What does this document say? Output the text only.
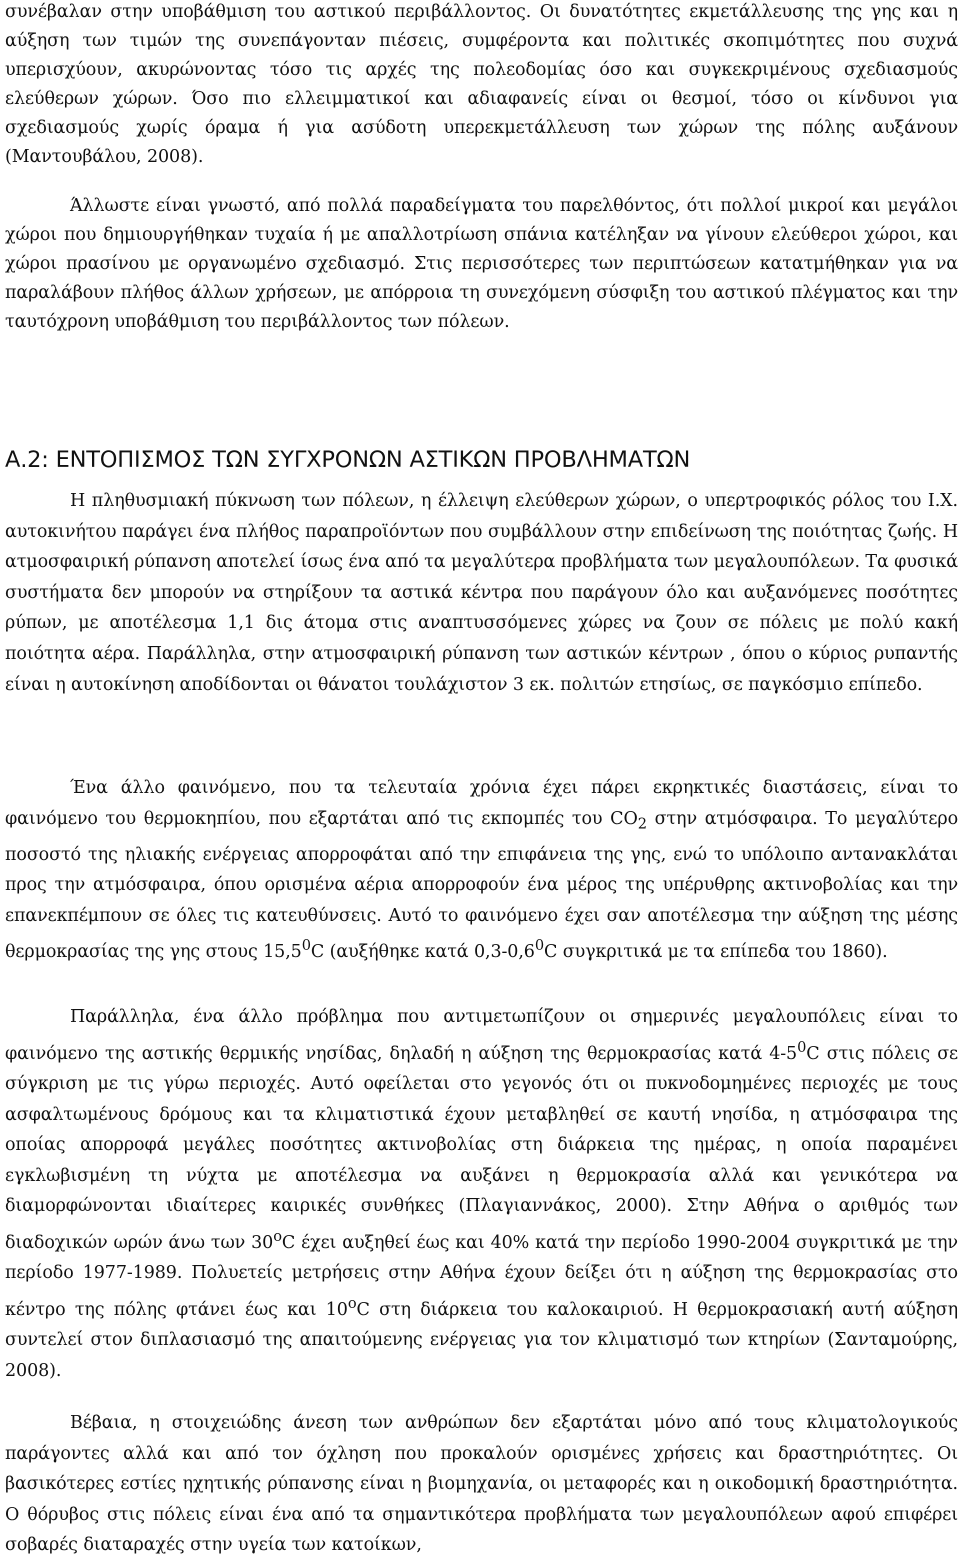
συνέβαλαν στην υποβάθμιση του αστικού περιβάλλοντος. Οι δυνατότητες εκμετάλλευσης της γης και η αύξηση των τιμών της συνεπάγονταν πιέσεις, συμφέροντα και πολιτικές σκοπιμότητες που συχνά υπερισχύουν, ακυρώνοντας τόσο τις αρχές της πολεοδομίας όσο και συγκεκριμένους σχεδιασμούς ελεύθερων χώρων. Όσο πιο ελλειμματικοί και αδιαφανείς είναι οι θεσμοί, τόσο οι κίνδυνοι για σχεδιασμούς χωρίς όραμα ή για ασύδοτη υπερεκμετάλλευση των χώρων της πόλης αυξάνουν (Μαντουβάλου, 2008).

Άλλωστε είναι γνωστό, από πολλά παραδείγματα του παρελθόντος, ότι πολλοί μικροί και μεγάλοι χώροι που δημιουργήθηκαν τυχαία ή με απαλλοτρίωση σπάνια κατέληξαν να γίνουν ελεύθεροι χώροι, και χώροι πρασίνου με οργανωμένο σχεδιασμό. Στις περισσότερες των περιπτώσεων κατατμήθηκαν για να παραλάβουν πλήθος άλλων χρήσεων, με απόρροια τη συνεχόμενη σύσφιξη του αστικού πλέγματος και την ταυτόχρονη υποβάθμιση του περιβάλλοντος των πόλεων.

Α.2: ΕΝΤΟΠΙΣΜΟΣ ΤΩΝ ΣΥΓΧΡΟΝΩΝ ΑΣΤΙΚΩΝ ΠΡΟΒΛΗΜΑΤΩΝ

Η πληθυσμιακή πύκνωση των πόλεων, η έλλειψη ελεύθερων χώρων, ο υπερτροφικός ρόλος του Ι.Χ. αυτοκινήτου παράγει ένα πλήθος παραπροϊόντων που συμβάλλουν στην επιδείνωση της ποιότητας ζωής. Η ατμοσφαιρική ρύπανση αποτελεί ίσως ένα από τα μεγαλύτερα προβλήματα των μεγαλουπόλεων. Τα φυσικά συστήματα δεν μπορούν να στηρίξουν τα αστικά κέντρα που παράγουν όλο και αυξανόμενες ποσότητες ρύπων, με αποτέλεσμα 1,1 δις άτομα στις αναπτυσσόμενες χώρες να ζουν σε πόλεις με πολύ κακή ποιότητα αέρα. Παράλληλα, στην ατμοσφαιρική ρύπανση των αστικών κέντρων , όπου ο κύριος ρυπαντής είναι η αυτοκίνηση αποδίδονται οι θάνατοι τουλάχιστον 3 εκ. πολιτών ετησίως, σε παγκόσμιο επίπεδο.

Ένα άλλο φαινόμενο, που τα τελευταία χρόνια έχει πάρει εκρηκτικές διαστάσεις, είναι το φαινόμενο του θερμοκηπίου, που εξαρτάται από τις εκπομπές του $CO_2$ στην ατμόσφαιρα. Το μεγαλύτερο ποσοστό της ηλιακής ενέργειας απορροφάται από την επιφάνεια της γης, ενώ το υπόλοιπο αντανακλάται προς την ατμόσφαιρα, όπου ορισμένα αέρια απορροφούν ένα μέρος της υπέρυθρης ακτινοβολίας και την επανεκπέμπουν σε όλες τις κατευθύνσεις. Αυτό το φαινόμενο έχει σαν αποτέλεσμα την αύξηση της μέσης θερμοκρασίας της γης στους 15,5$^0$C (αυξήθηκε κατά $0,3-0,6^0C$ συγκριτικά με τα επίπεδα του 1860).

Παράλληλα, ένα άλλο πρόβλημα που αντιμετωπίζουν οι σημερινές μεγαλουπόλεις είναι το φαινόμενο της αστικής θερμικής νησίδας, δηλαδή η αύξηση της θερμοκρασίας κατά $4-5^0C$ στις πόλεις σε σύγκριση με τις γύρω περιοχές. Αυτό οφείλεται στο γεγονός ότι οι πυκνοδομημένες περιοχές με τους ασφαλτωμένους δρόμους και τα κλιματιστικά έχουν μεταβληθεί σε καυτή νησίδα, η ατμόσφαιρα της οποίας απορροφά μεγάλες ποσότητες ακτινοβολίας στη διάρκεια της ημέρας, η οποία παραμένει εγκλωβισμένη τη νύχτα με αποτέλεσμα να αυξάνει η θερμοκρασία αλλά και γενικότερα να διαμορφώνονται ιδιαίτερες καιρικές συνθήκες (Πλαγιαννάκος, 2000). Στην Αθήνα ο αριθμός των διαδοχικών ωρών άνω των $30^oC$ έχει αυξηθεί έως και 40% κατά την περίοδο 1990-2004 συγκριτικά με την περίοδο 1977-1989. Πολυετείς μετρήσεις στην Αθήνα έχουν δείξει ότι η αύξηση της θερμοκρασίας στο κέντρο της πόλης φτάνει έως και $10^oC$ στη διάρκεια του καλοκαιριού. Η θερμοκρασιακή αυτή αύξηση συντελεί στον διπλασιασμό της απαιτούμενης ενέργειας για τον κλιματισμό των κτηρίων (Σανταμούρης, 2008).

Βέβαια, η στοιχειώδης άνεση των ανθρώπων δεν εξαρτάται μόνο από τους κλιματολογικούς παράγοντες αλλά και από τον όχληση που προκαλούν ορισμένες χρήσεις και δραστηριότητες. Οι βασικότερες εστίες ηχητικής ρύπανσης είναι η βιομηχανία, οι μεταφορές και η οικοδομική δραστηριότητα. Ο θόρυβος στις πόλεις είναι ένα από τα σημαντικότερα προβλήματα των μεγαλουπόλεων αφού επιφέρει σοβαρές διαταραχές στην υγεία των κατοίκων,
